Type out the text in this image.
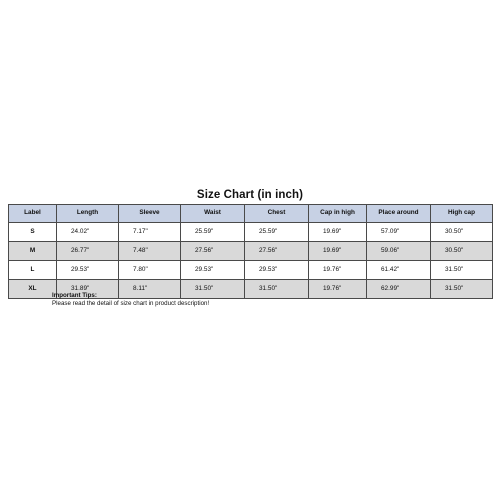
Size Chart (in inch)
Label	Length	Sleeve	Waist	Chest	Cap in high	Place around	High cap
S	24.02"	7.17"	25.59"	25.59"	19.69"	57.09"	30.50"
M	26.77"	7.48"	27.56"	27.56"	19.69"	59.06"	30.50"
L	29.53"	7.80"	29.53"	29.53"	19.76"	61.42"	31.50"
XL	31.89"	8.11"	31.50"	31.50"	19.76"	62.99"	31.50"
Important Tips:
Please read the detail of size chart in product description!
